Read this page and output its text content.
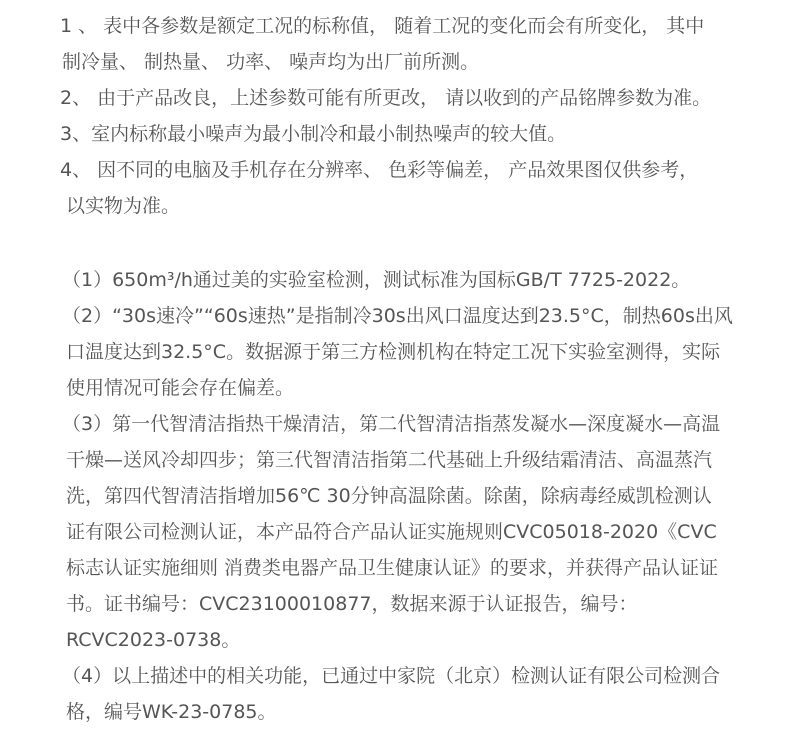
1 、 表中各参数是额定工况的标称值， 随着工况的变化而会有所变化， 其中

制冷量、 制热量、 功率、 噪声均为出厂前所测。

2、 由于产品改良，上述参数可能有所更改， 请以收到的产品铭牌参数为准。

3、室内标称最小噪声为最小制冷和最小制热噪声的较大值。

4、 因不同的电脑及手机存在分辨率、 色彩等偏差， 产品效果图仅供参考，

以实物为准。

（1）650m³/h通过美的实验室检测，测试标准为国标GB/T 7725-2022。

（2）“30s速冷”“60s速热”是指制冷30s出风口温度达到23.5°C，制热60s出风

口温度达到32.5°C。数据源于第三方检测机构在特定工况下实验室测得，实际

使用情况可能会存在偏差。

（3）第一代智清洁指热干燥清洁，第二代智清洁指蒸发凝水—深度凝水—高温

干燥—送风冷却四步；第三代智清洁指第二代基础上升级结霜清洁、高温蒸汽

洗，第四代智清洁指增加56℃ 30分钟高温除菌。除菌，除病毒经威凯检测认

证有限公司检测认证，本产品符合产品认证实施规则CVC05018-2020《CVC

标志认证实施细则 消费类电器产品卫生健康认证》的要求，并获得产品认证证

书。证书编号：CVC23100010877，数据来源于认证报告，编号：

RCVC2023-0738。

（4）以上描述中的相关功能，已通过中家院（北京）检测认证有限公司检测合

格，编号WK-23-0785。
